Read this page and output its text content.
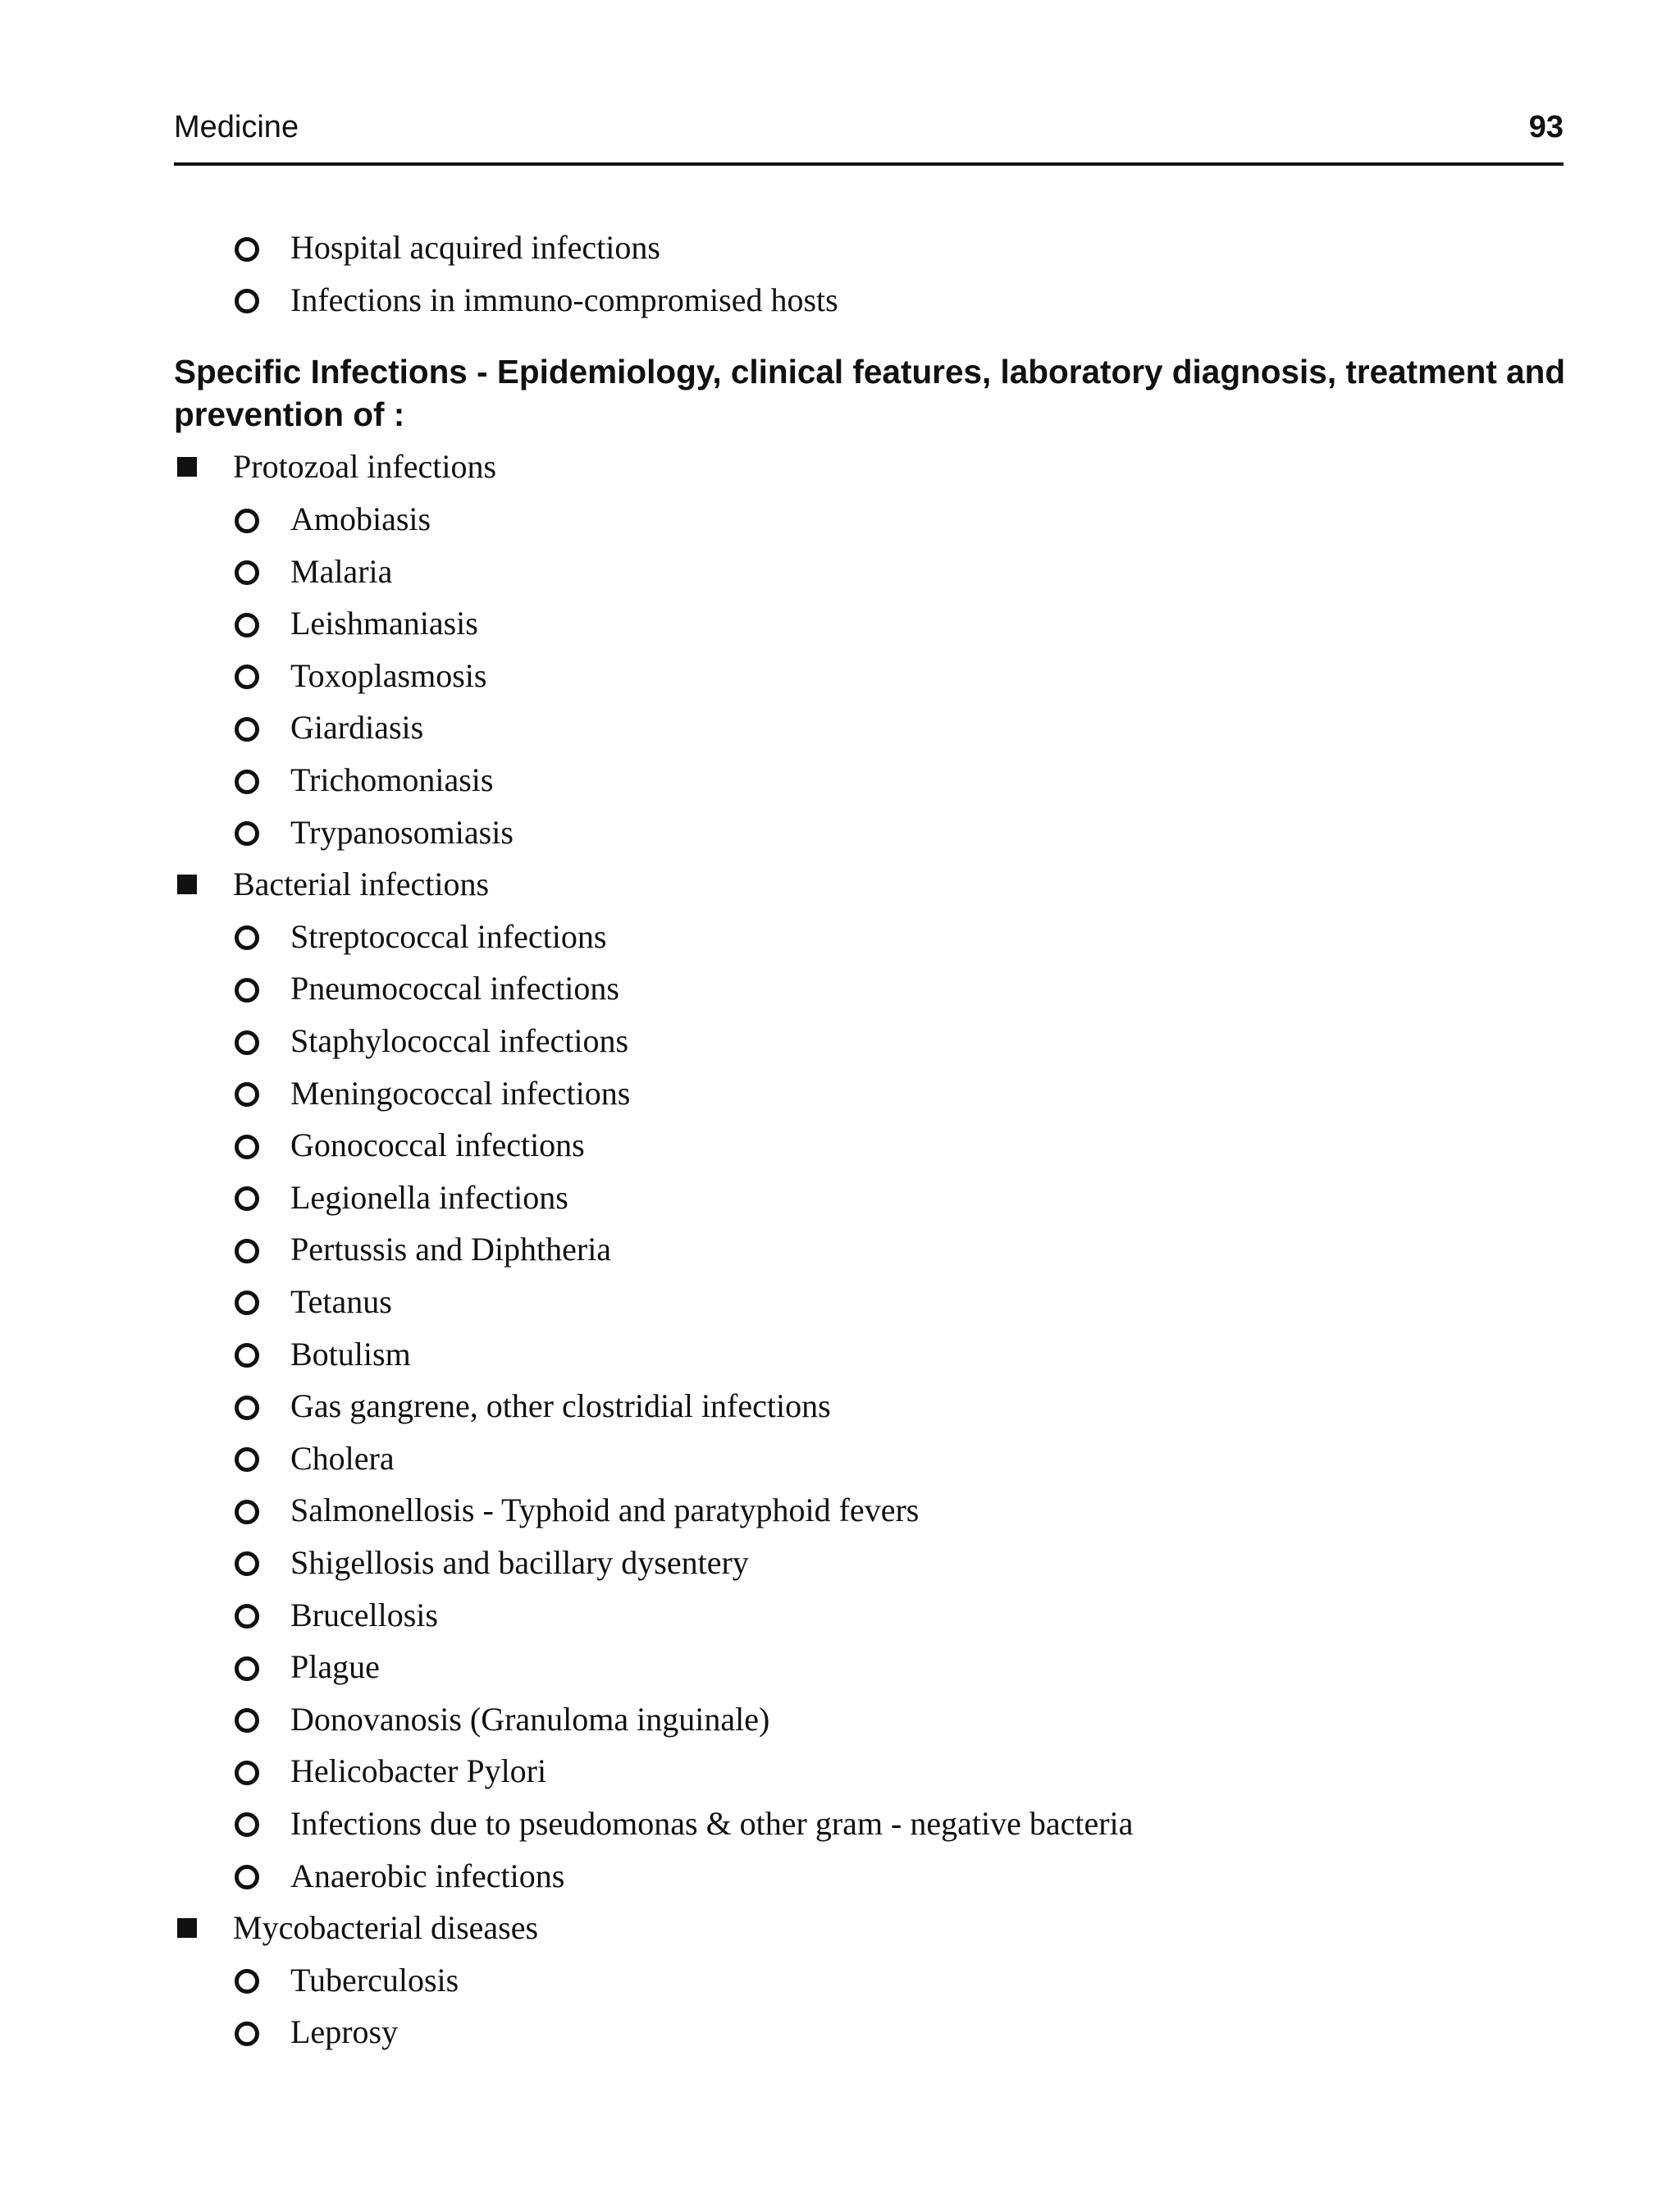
Medicine	93
Hospital acquired infections
Infections in immuno-compromised hosts
Specific Infections - Epidemiology, clinical features, laboratory diagnosis, treatment and prevention of :
Protozoal infections
Amobiasis
Malaria
Leishmaniasis
Toxoplasmosis
Giardiasis
Trichomoniasis
Trypanosomiasis
Bacterial infections
Streptococcal infections
Pneumococcal infections
Staphylococcal infections
Meningococcal infections
Gonococcal infections
Legionella infections
Pertussis and Diphtheria
Tetanus
Botulism
Gas gangrene, other clostridial infections
Cholera
Salmonellosis - Typhoid and paratyphoid fevers
Shigellosis and bacillary dysentery
Brucellosis
Plague
Donovanosis (Granuloma inguinale)
Helicobacter Pylori
Infections due to pseudomonas & other gram - negative bacteria
Anaerobic infections
Mycobacterial diseases
Tuberculosis
Leprosy
